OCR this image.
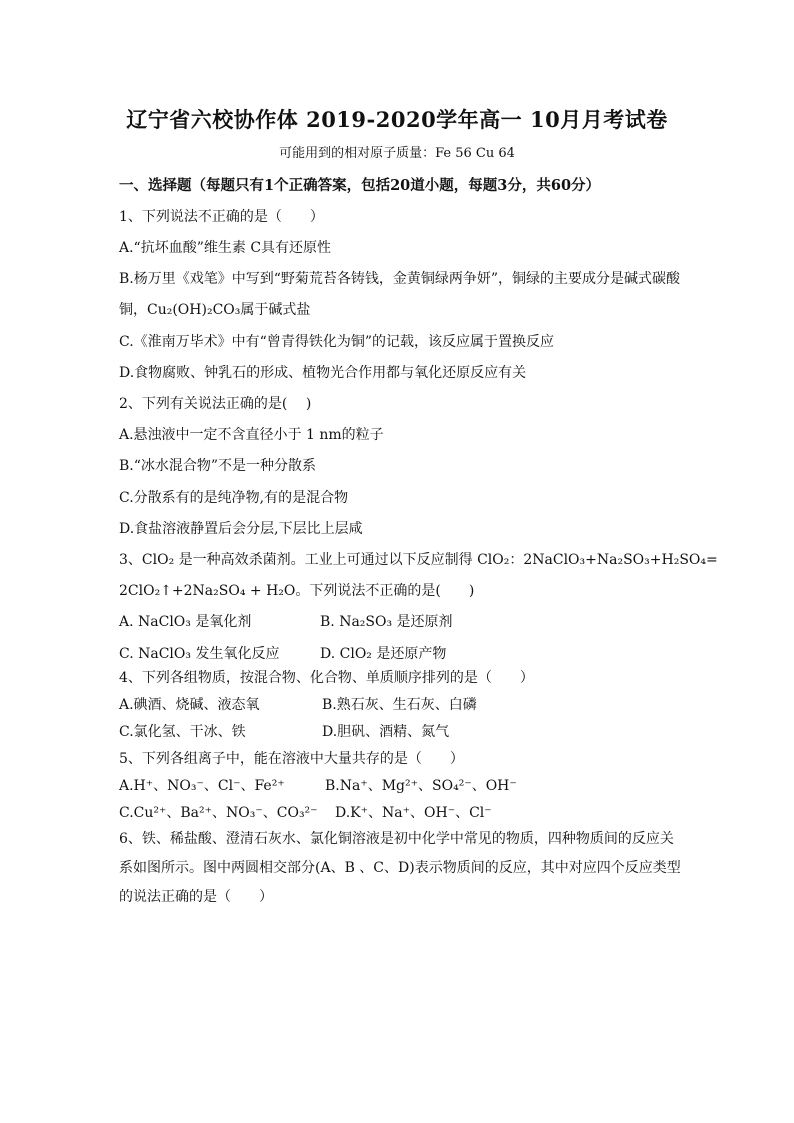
辽宁省六校协作体 2019-2020学年高一 10月月考试卷
可能用到的相对原子质量：Fe 56 Cu 64
一、选择题（每题只有1个正确答案，包括20道小题，每题3分，共60分）
1、下列说法不正确的是（　　）
A.“抗坏血酸”维生素 C具有还原性
B.杨万里《戏笔》中写到“野菊荒苔各铸钱，金黄铜绿两争妍”，铜绿的主要成分是碱式碳酸
铜，Cu₂(OH)₂CO₃属于碱式盐
C.《淮南万毕术》中有“曾青得铁化为铜”的记载，该反应属于置换反应
D.食物腐败、钟乳石的形成、植物光合作用都与氧化还原反应有关
2、下列有关说法正确的是(　 )
A.悬浊液中一定不含直径小于 1 nm的粒子
B.“冰水混合物”不是一种分散系
C.分散系有的是纯净物,有的是混合物
D.食盐溶液静置后会分层,下层比上层咸
3、ClO₂ 是一种高效杀菌剂。工业上可通过以下反应制得 ClO₂：2NaClO₃+Na₂SO₃+H₂SO₄=
2ClO₂↑+2Na₂SO₄ + H₂O。下列说法不正确的是(　　)
A. NaClO₃ 是氧化剂	B. Na₂SO₃ 是还原剂
C. NaClO₃ 发生氧化反应	D. ClO₂ 是还原产物
4、下列各组物质，按混合物、化合物、单质顺序排列的是（　　）
A.碘酒、烧碱、液态氧	B.熟石灰、生石灰、白磷
C.氯化氢、干冰、铁	D.胆矾、酒精、氮气
5、下列各组离子中，能在溶液中大量共存的是（　　）
A.H⁺、NO₃⁻、Cl⁻、Fe²⁺	B.Na⁺、Mg²⁺、SO₄²⁻、OH⁻
C.Cu²⁺、Ba²⁺、NO₃⁻、CO₃²⁻ D.K⁺、Na⁺、OH⁻、Cl⁻
6、铁、稀盐酸、澄清石灰水、氯化铜溶液是初中化学中常见的物质，四种物质间的反应关
系如图所示。图中两圆相交部分(A、B 、C、D)表示物质间的反应，其中对应四个反应类型
的说法正确的是（　　）
